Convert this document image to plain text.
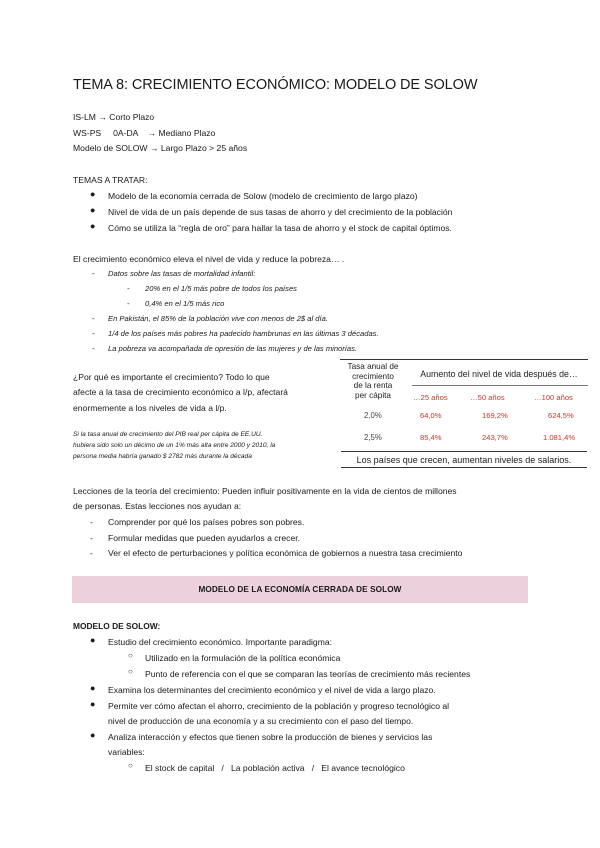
TEMA 8: CRECIMIENTO ECONÓMICO: MODELO DE SOLOW
IS-LM → Corto Plazo
WS-PS     0A-DA    → Mediano Plazo
Modelo de SOLOW → Largo Plazo > 25 años
TEMAS A TRATAR:
● Modelo de la economía cerrada de Solow (modelo de crecimiento de largo plazo)
● Nivel de vida de un país depende de sus tasas de ahorro y del crecimiento de la población
● Cómo se utiliza la “regla de oro” para hallar la tasa de ahorro y el stock de capital óptimos.
El crecimiento económico eleva el nivel de vida y reduce la pobreza… .
- Datos sobre las tasas de mortalidad infantil:
- 20% en el 1/5 más pobre de todos los países
- 0,4% en el 1/5 más rico
- En Pakistán, el 85% de la población vive con menos de 2$ al día.
- 1/4 de los países más pobres ha padecido hambrunas en las últimas 3 décadas.
- La pobreza va acompañada de opresión de las mujeres y de las minorías.
¿Por qué es importante el crecimiento? Todo lo que
afecte a la tasa de crecimiento económico a l/p, afectará
enormemente a los niveles de vida a l/p.
Si la tasa anual de crecimiento del PIB real per cápita de EE.UU.
hubiera sido solo un décimo de un 1% más alta entre 2000 y 2010, la
persona media habría ganado $ 2782 más durante la década
Tasa anual de
crecimiento
de la renta
per cápita
Aumento del nivel de vida después de…
…25 años	…50 años	…100 años
2,0%	64,0%	169,2%	624,5%
2,5%	85,4%	243,7%	1.081,4%
Los países que crecen, aumentan niveles de salarios.
Lecciones de la teoría del crecimiento: Pueden influir positivamente en la vida de cientos de millones
de personas. Estas lecciones nos ayudan a:
- Comprender por qué los países pobres son pobres.
- Formular medidas que pueden ayudarlos a crecer.
- Ver el efecto de perturbaciones y política económica de gobiernos a nuestra tasa crecimiento
MODELO DE LA ECONOMÍA CERRADA DE SOLOW
MODELO DE SOLOW:
● Estudio del crecimiento económico. Importante paradigma:
○ Utilizado en la formulación de la política económica
○ Punto de referencia con el que se comparan las teorías de crecimiento más recientes
● Examina los determinantes del crecimiento económico y el nivel de vida a largo plazo.
● Permite ver cómo afectan el ahorro, crecimiento de la población y progreso tecnológico al
nivel de producción de una economía y a su crecimiento con el paso del tiempo.
● Analiza interacción y efectos que tienen sobre la producción de bienes y servicios las
variables:
○ El stock de capital   /   La población activa   /   El avance tecnológico
